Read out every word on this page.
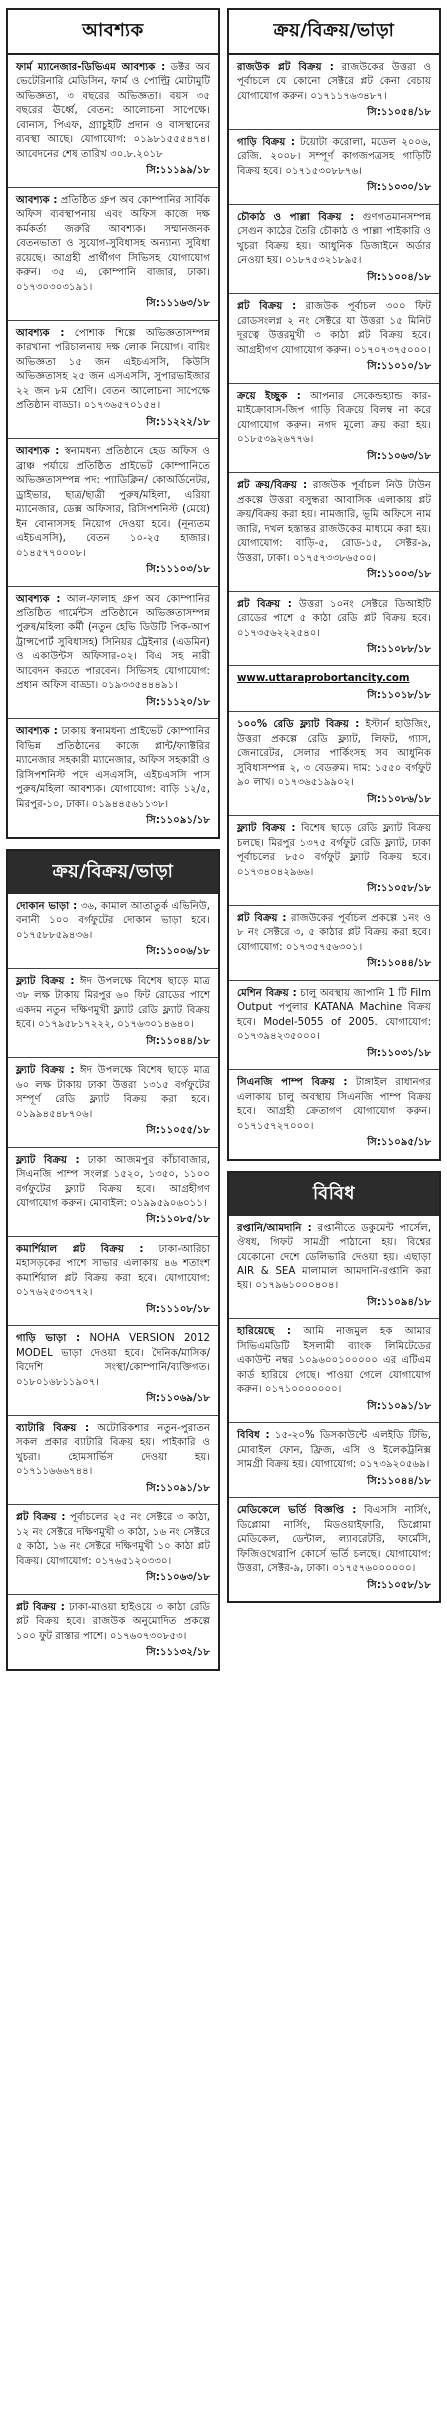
আবশ্যক
ফার্ম ম্যানেজার-ডিভিএম আবশ্যক : ডক্টর অব ভেটেরিনারি মেডিসিন, ফার্ম ও পোল্ট্রি মোটামুটি অভিজ্ঞতা, ৩ বছরের অভিজ্ঞতা। বয়স ৩৫ বছরের ঊর্ধ্বে, বেতন: আলোচনা সাপেক্ষে। বোনাস, পিএফ, গ্র্যাচুইটি প্রদান ও বাসস্থানের ব্যবস্থা আছে। যোগাযোগ: ০১৯৮১৫৫৫৪৭৪। আবেদনের শেষ তারিখ ৩০.৮.২০১৮
সি:১১১৯৯/১৮
আবশ্যক : প্রতিষ্ঠিত গ্রুপ অব কোম্পানির সার্বিক অফিস ব্যবস্থাপনায় এবং অফিস কাজে দক্ষ কর্মকর্তা জরুরি আবশ্যক। সম্মানজনক বেতনভাতা ও সুযোগ-সুবিধাসহ অন্যান্য সুবিধা রয়েছে। আগ্রহী প্রার্থীগণ সিভিসহ যোগাযোগ করুন। ৩৫ এ, কোম্পানি বাজার, ঢাকা। ০১৭৩০৩০৩১৯১।
সি:১১১৬৩/১৮
আবশ্যক : পোশাক শিল্পে অভিজ্ঞতাসম্পন্ন কারখানা পরিচালনায় দক্ষ লোক নিয়োগ। বায়িং অভিজ্ঞতা ১৫ জন এইচএসসি, কিউসি অভিজ্ঞতাসহ ২৫ জন এসএসসি, সুপারভাইজার ২২ জন ৮ম শ্রেণি। বেতন আলোচনা সাপেক্ষে প্রতিষ্ঠান বাড্ডা। ০১৭৩৬৫৭০১৫৪।
সি:১১২২২/১৮
আবশ্যক : স্বনামধন্য প্রতিষ্ঠানে হেড অফিস ও ব্রাঞ্চ পর্যায়ে প্রতিষ্ঠিত প্রাইভেট কোম্পানিতে অভিজ্ঞতাসম্পন্ন পদ: প্যাডিক্লিন/ কোঅর্ডিনেটর, ড্রাইভার, ছাত্র/ছাত্রী পুরুষ/মহিলা, এরিয়া ম্যানেজার, ডেক্স অফিসার, রিসিপশনিস্ট (মেয়ে) ইন বোনাসসহ নিয়োগ দেওয়া হবে। (নূন্যতম এইচএসসি), বেতন ১০-২৫ হাজার। ০১৪৫৭৭০০০৮।
সি:১১১০৩/১৮
আবশ্যক : আল-ফালাহ গ্রুপ অব কোম্পানির প্রতিষ্ঠিত গার্মেন্টস প্রতিষ্ঠানে অভিজ্ঞতাসম্পন্ন পুরুষ/মহিলা কর্মী (নতুন হেভি ডিউটি পিক-আপ ট্রান্সপোর্ট সুবিধাসহ) সিনিয়র ট্রেইনার (এডমিন) ও একাউন্টস অফিসার-০২। বিএ সহ নারী আবেদন করতে পারবেন। সিভিসহ যোগাযোগ: প্রধান অফিস বাড্ডা। ০১৯৩৩৫৪৪৪৯১।
সি:১১১২০/১৮
আবশ্যক : ঢাকায় স্বনামধন্য প্রাইভেট কোম্পানির বিভিন্ন প্রতিষ্ঠানের কাজে প্লান্ট/ফ্যাক্টরির ম্যানেজার সহকারী ম্যানেজার, অফিস সহকারী ও রিসিপশনিস্ট পদে এসএসসি, এইচএসসি পাস পুরুষ/মহিলা আবশ্যক। যোগাযোগ: বাড়ি ১২/৫, মিরপুর-১০, ঢাকা। ০১৯৪৪৫৬১১৩৮।
সি:১১০৯১/১৮
ক্রয়/বিক্রয়/ভাড়া
দোকান ভাড়া : ৩৬, কামাল আতাতুর্ক এভিনিউ, বনানী ১০০ বর্গফুটের দোকান ভাড়া হবে। ০১৭৫৮৮৫৯৪৩৬।
সি:১১০০৬/১৮
ফ্ল্যাট বিক্রয় : ঈদ উপলক্ষে বিশেষ ছাড়ে মাত্র ৩৮ লক্ষ টাকায় মিরপুর ৬০ ফিট রোডের পাশে একদম নতুন দক্ষিণমুখী ফ্ল্যাট রেডি ফ্ল্যাট বিক্রয় হবে। ০১৭৯৫৮১৭২২২, ০১৭৬৩০১৪৬৪০।
সি:১১০৪৪/১৮
ফ্ল্যাট বিক্রয় : ঈদ উপলক্ষে বিশেষ ছাড়ে মাত্র ৬০ লক্ষ টাকায় ঢাকা উত্তরা ১৩১৫ বর্গফুটের সম্পূর্ণ রেডি ফ্ল্যাট বিক্রয় করা হবে। ০১৯৯৪৫৪৮৭০৬।
সি:১১০৫৫/১৮
ফ্ল্যাট বিক্রয় : ঢাকা আজমপুর কাঁচাবাজার, সিএনজি পাম্প সংলগ্ন ১৫২০, ১৩৫০, ১১০০ বর্গফুটের ফ্ল্যাট বিক্রয় হবে। আগ্রহীগণ যোগাযোগ করুন। মোবাইল: ০১৯৯৫৯০৬০১১।
সি:১১০৮৫/১৮
কমার্শিয়াল প্লট বিক্রয় : ঢাকা-আরিচা মহাসড়কের পাশে সাভার এলাকায় ৪৬ শতাংশ কমার্শিয়াল প্লট বিক্রয় করা হবে। যোগাযোগ: ০১৭৬২৫৩৩৭৭২।
সি:১১১০৮/১৮
গাড়ি ভাড়া : NOHA VERSION 2012 MODEL ভাড়া দেওয়া হবে। দৈনিক/মাসিক/বিদেশি সংস্থা/কোম্পানি/ব্যক্তিগত। ০১৮০১৬৮১১৯০৭।
সি:১১০৬৯/১৮
ব্যাটারি বিক্রয় : অটোরিকশার নতুন-পুরাতন সকল প্রকার ব্যাটারি বিক্রয় হয়। পাইকারি ও খুচরা। হোমসার্ভিস দেওয়া হয়। ০১৭১১৬৬৬৭৪৪।
সি:১১০৯১/১৮
প্লট বিক্রয় : পূর্বাচলের ২৫ নং সেক্টরে ৩ কাঠা, ১২ নং সেক্টরে দক্ষিণমুখী ৩ কাঠা, ১৬ নং সেক্টরে ৫ কাঠা, ১৬ নং সেক্টরে দক্ষিণমুখী ১০ কাঠা প্লট বিক্রয়। যোগাযোগ: ০১৭৬৫১২০৩৩০।
সি:১১০৬৩/১৮
প্লট বিক্রয় : ঢাকা-মাওয়া হাইওয়ে ৩ কাঠা রেডি প্লট বিক্রয় হবে। রাজউক অনুমোদিত প্রকল্পে ১০০ ফুট রাস্তার পাশে। ০১৭৬০৭৩০৮৫৩।
সি:১১১৩২/১৮
ক্রয়/বিক্রয়/ভাড়া
রাজউক প্লট বিক্রয় : রাজউকের উত্তরা ও পূর্বাচলে যে কোনো সেক্টরে প্লট কেনা বেচায় যোগাযোগ করুন। ০১৭১১৭৬৩৪৮৭।
সি:১১০৫৪/১৮
গাড়ি বিক্রয় : টয়োটা করোলা, মডেল ২০০৬, রেজি. ২০০৮। সম্পূর্ণ কাগজপত্রসহ গাড়িটি বিক্রয় হবে। ০১৭১৫৩০৮৮৭৬।
সি:১১০৩০/১৮
চৌকাঠ ও পাল্লা বিক্রয় : গুণগতমানসম্পন্ন সেগুন কাঠের তৈরি চৌকাঠ ও পাল্লা পাইকারি ও খুচরা বিক্রয় হয়। আধুনিক ডিজাইনে অর্ডার নেওয়া হয়। ০১৮৭৫৩২১৮৯৫।
সি:১১০০৪/১৮
প্লট বিক্রয় : রাজউক পূর্বাচল ৩০০ ফিট রোডসংলগ্ন ২ নং সেক্টরে যা উত্তরা ১৫ মিনিট দূরত্বে উত্তরমুখী ৩ কাঠা প্লট বিক্রয় হবে। আগ্রহীগণ যোগাযোগ করুন। ০১৭০৭৩৭৫০০০।
সি:১১০১০/১৮
ক্রয়ে ইচ্ছুক : আপনার সেকেন্ডহ্যান্ড কার-মাইক্রোবাস-জিপ গাড়ি বিক্রয়ে বিলম্ব না করে যোগাযোগ করুন। নগদ মূল্যে ক্রয় করা হয়। ০১৮৫৩৯২৬৭৭৬।
সি:১১০৬৩/১৮
প্লট ক্রয়/বিক্রয় : রাজউক পূর্বাচল নিউ টাউন প্রকল্পে উত্তরা বসুন্ধরা আবাসিক এলাকায় প্লট ক্রয়/বিক্রয় করা হয়। নামজারি, ভূমি অফিসে নাম জারি, দখল হস্তান্তর রাজউকের মাধ্যমে করা হয়। যোগাযোগ: বাড়ি-৫, রোড-১৫, সেক্টর-৯, উত্তরা, ঢাকা। ০১৭৫৭৩৩৮৬৫০০।
সি:১১০০৩/১৮
প্লট বিক্রয় : উত্তরা ১০নং সেক্টরে ডিআইটি রোডের পাশে ৫ কাঠা রেডি প্লট বিক্রয় হবে। ০১৭৩৫৬২২২৫৪০।
সি:১১০৮৮/১৮
www.uttaraprobortancity.com
সি:১১০১৮/১৮
১০০% রেডি ফ্ল্যাট বিক্রয় : ইস্টার্ন হাউজিং, উত্তরা প্রকল্পে রেডি ফ্ল্যাট, লিফট, গ্যাস, জেনারেটর, সেলার পার্কিংসহ সব আধুনিক সুবিধাসম্পন্ন ২, ৩ বেডরুম। দাম: ১৫৫০ বর্গফুট ৯০ লাখ। ০১৭৩৬৫১৯৯০২।
সি:১১০৮৬/১৮
ফ্ল্যাট বিক্রয় : বিশেষ ছাড়ে রেডি ফ্ল্যাট বিক্রয় চলছে। মিরপুর ১৩৭৫ বর্গফুট রেডি ফ্ল্যাট, ঢাকা পূর্বাচলের ৮৫০ বর্গফুট ফ্ল্যাট বিক্রয় হবে। ০১৭৩৪০৪২৯৬৬।
সি:১১০৫৮/১৮
প্লট বিক্রয় : রাজউকের পূর্বাচল প্রকল্পে ১নং ও ৮ নং সেক্টরে ৩, ৫ কাঠার প্লট বিক্রয় করা হবে। যোগাযোগ: ০১৭৩৫৭৫৬৩০১।
সি:১১০৪৪/১৮
মেশিন বিক্রয় : চালু অবস্থায় জাপানি 1 টি Film Output পপুলার KATANA Machine বিক্রয় হবে। Model-5055 of 2005. যোগাযোগ: ০১৭৩৯৪২৩৫০০০।
সি:১১০৩১/১৮
সিএনজি পাম্প বিক্রয় : টাঙ্গাইল রাধানগর এলাকায় চালু অবস্থায় সিএনজি পাম্প বিক্রয় হবে। আগ্রহী ক্রেতাগণ যোগাযোগ করুন। ০১৭১৫৭২৭০০০।
সি:১১০৯৫/১৮
বিবিধ
রপ্তানি/আমদানি : রপ্তানীতে ডকুমেন্ট পার্সেল, ঔষধ, গিফট সামগ্রী পাঠানো হয়। বিশ্বের যেকোনো দেশে ডেলিভারি দেওয়া হয়। এছাড়া AIR & SEA মালামাল আমদানি-রপ্তানি করা হয়। ০১৭৯৬১০০০৪০৪।
সি:১১০৯৪/১৮
হারিয়েছে : আমি নাজমুল হক আমার সিভিএমডিটি ইসলামী ব্যাংক লিমিটেডের একাউন্ট নম্বর ১০৯৬০০১০০০০০ এর এটিএম কার্ড হারিয়ে গেছে। পাওয়া গেলে যোগাযোগ করুন। ০১৭১০০০০০০০।
সি:১১০৯১/১৮
বিবিধ : ১৫-২০% ডিসকাউন্টে এলইডি টিভি, মোবাইল ফোন, ফ্রিজ, এসি ও ইলেকট্রনিক্স সামগ্রী বিক্রয় হয়। যোগাযোগ: ০১৭৩৯২০৫৬৯।
সি:১১০৪৪/১৮
মেডিকেলে ভর্তি বিজ্ঞপ্তি : বিএসসি নার্সিং, ডিপ্লোমা নার্সিং, মিডওয়াইফারি, ডিপ্লোমা মেডিকেল, ডেন্টাল, ল্যাবরেটরি, ফার্মেসি, ফিজিওথেরাপি কোর্সে ভর্তি চলছে। যোগাযোগ: উত্তরা, সেক্টর-৯, ঢাকা। ০১৭৫৭৬০০০০০০।
সি:১১০৫৮/১৮
